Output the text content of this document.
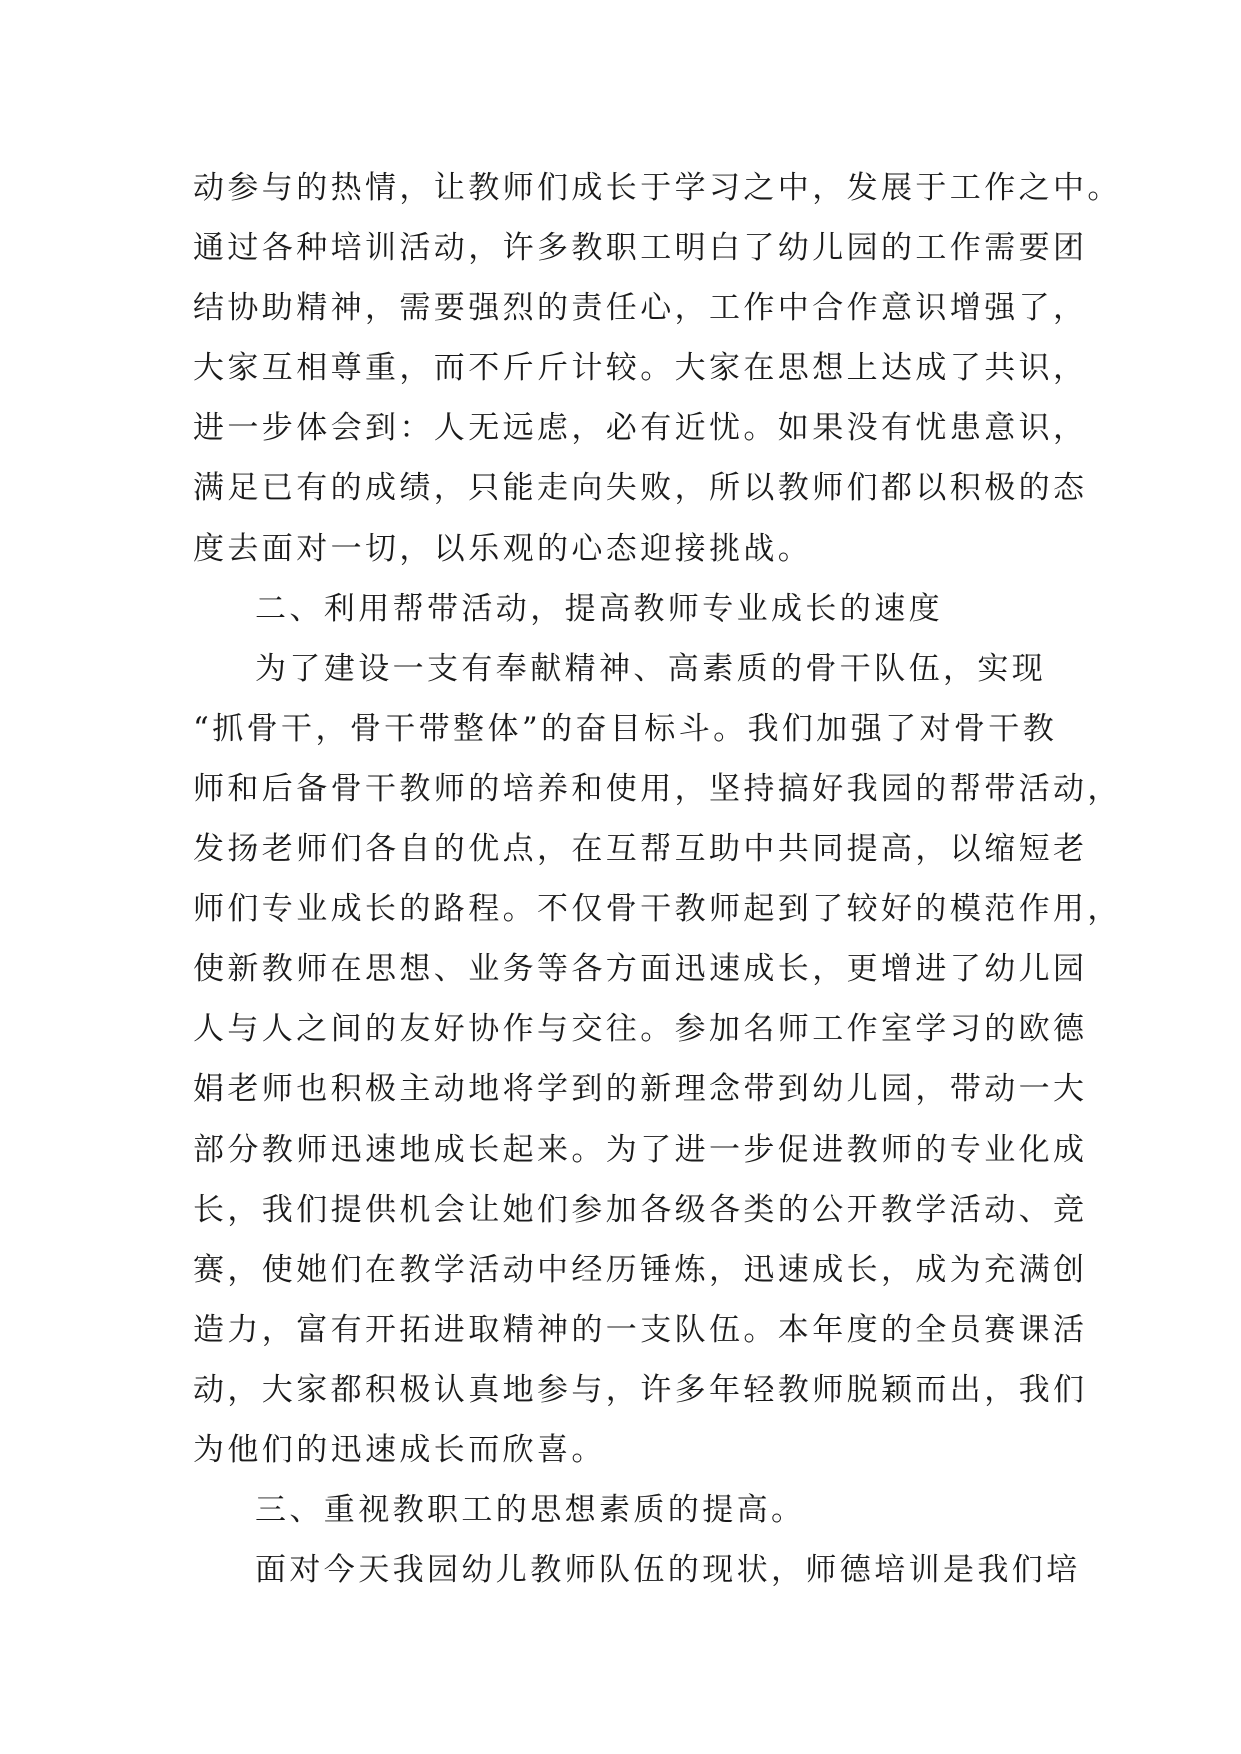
动参与的热情，让教师们成长于学习之中，发展于工作之中。
通过各种培训活动，许多教职工明白了幼儿园的工作需要团
结协助精神，需要强烈的责任心，工作中合作意识增强了，
大家互相尊重，而不斤斤计较。大家在思想上达成了共识，
进一步体会到：人无远虑，必有近忧。如果没有忧患意识，
满足已有的成绩，只能走向失败，所以教师们都以积极的态
度去面对一切，以乐观的心态迎接挑战。
二、利用帮带活动，提高教师专业成长的速度
为了建设一支有奉献精神、高素质的骨干队伍，实现
“抓骨干，骨干带整体”的奋目标斗。我们加强了对骨干教
师和后备骨干教师的培养和使用，坚持搞好我园的帮带活动，
发扬老师们各自的优点，在互帮互助中共同提高，以缩短老
师们专业成长的路程。不仅骨干教师起到了较好的模范作用，
使新教师在思想、业务等各方面迅速成长，更增进了幼儿园
人与人之间的友好协作与交往。参加名师工作室学习的欧德
娟老师也积极主动地将学到的新理念带到幼儿园，带动一大
部分教师迅速地成长起来。为了进一步促进教师的专业化成
长，我们提供机会让她们参加各级各类的公开教学活动、竞
赛，使她们在教学活动中经历锤炼，迅速成长，成为充满创
造力，富有开拓进取精神的一支队伍。本年度的全员赛课活
动，大家都积极认真地参与，许多年轻教师脱颖而出，我们
为他们的迅速成长而欣喜。
三、重视教职工的思想素质的提高。
面对今天我园幼儿教师队伍的现状，师德培训是我们培
